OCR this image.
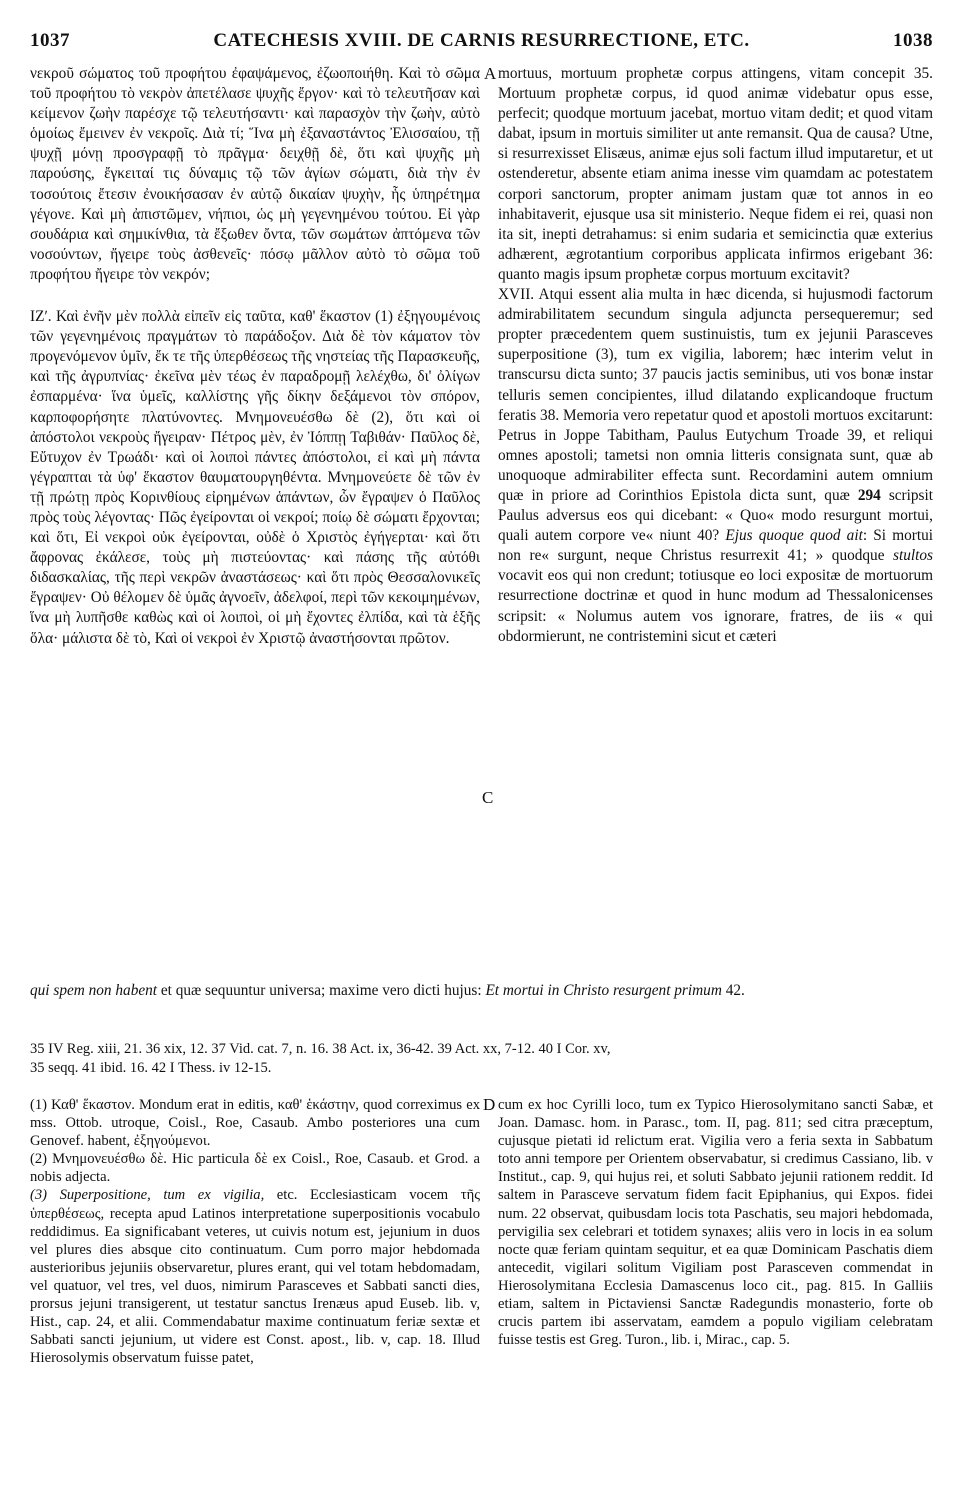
1037	CATECHESIS XVIII. DE CARNIS RESURRECTIONE, ETC.	1038

νεκροῦ σώματος τοῦ προφήτου ἐφαψάμενος, ἐζωοποιήθη. Καὶ τὸ σῶμα τοῦ προφήτου τὸ νεκρὸν ἀπετέλασε ψυχῆς ἔργον· καὶ τὸ τελευτῆσαν καὶ κείμενον ζωὴν παρέσχε τῷ τελευτήσαντι· καὶ παρασχὸν τὴν ζωὴν, αὐτὸ ὁμοίως ἔμεινεν ἐν νεκροῖς. Διὰ τί; Ἵνα μὴ ἐξαναστάντος Ἐλισσαίου, τῇ ψυχῇ μόνῃ προσγραφῇ τὸ πρᾶγμα· δειχθῇ δὲ, ὅτι καὶ ψυχῆς μὴ παρούσης, ἔγκειταί τις δύναμις τῷ τῶν ἁγίων σώματι, διὰ τὴν ἐν τοσούτοις ἔτεσιν ἐνοικήσασαν ἐν αὐτῷ δικαίαν ψυχὴν, ἧς ὑπηρέτημα γέγονε. Καὶ μὴ ἀπιστῶμεν, νήπιοι, ὡς μὴ γεγενημένου τούτου. Εἰ γὰρ σουδάρια καὶ σημικίνθια, τὰ ἔξωθεν ὄντα, τῶν σωμάτων ἀπτόμενα τῶν νοσούντων, ἤγειρε τοὺς ἀσθενεῖς· πόσῳ μᾶλλον αὐτὸ τὸ σῶμα τοῦ προφήτου ἤγειρε τὸν νεκρόν;

ΙΖʹ. Καὶ ἐνῆν μὲν πολλὰ εἰπεῖν εἰς ταῦτα, καθ' ἕκαστον (1) ἐξηγουμένοις τῶν γεγενημένοις πραγμάτων τὸ παράδοξον. Διὰ δὲ τὸν κάματον τὸν προγενόμενον ὑμῖν, ἔκ τε τῆς ὑπερθέσεως τῆς νηστείας τῆς Παρασκευῆς, καὶ τῆς ἀγρυπνίας· ἐκεῖνα μὲν τέως ἐν παραδρομῇ λελέχθω, δι' ὀλίγων ἐσπαρμένα· ἵνα ὑμεῖς, καλλίστης γῆς δίκην δεξάμενοι τὸν σπόρον, καρποφορήσητε πλατύνοντες. Μνημονευέσθω δὲ (2), ὅτι καὶ οἱ ἀπόστολοι νεκροὺς ἤγειραν· Πέτρος μὲν, ἐν Ἰόππῃ Ταβιθάν· Παῦλος δὲ, Εὔτυχον ἐν Τρωάδι· καὶ οἱ λοιποὶ πάντες ἀπόστολοι, εἰ καὶ μὴ πάντα γέγραπται τὰ ὑφ' ἕκαστον θαυματουργηθέντα. Μνημονεύετε δὲ τῶν ἐν τῇ πρώτῃ πρὸς Κορινθίους εἰρημένων ἁπάντων, ὧν ἔγραψεν ὁ Παῦλος πρὸς τοὺς λέγοντας· Πῶς ἐγείρονται οἱ νεκροί; ποίῳ δὲ σώματι ἔρχονται; καὶ ὅτι, Εἰ νεκροὶ οὐκ ἐγείρονται, οὐδὲ ὁ Χριστὸς ἐγήγερται· καὶ ὅτι ἄφρονας ἐκάλεσε, τοὺς μὴ πιστεύοντας· καὶ πάσης τῆς αὐτόθι διδασκαλίας, τῆς περὶ νεκρῶν ἀναστάσεως· καὶ ὅτι πρὸς Θεσσαλονικεῖς ἔγραψεν· Οὐ θέλομεν δὲ ὑμᾶς ἀγνοεῖν, ἀδελφοί, περὶ τῶν κεκοιμημένων, ἵνα μὴ λυπῆσθε καθὼς καὶ οἱ λοιποὶ, οἱ μὴ ἔχοντες ἐλπίδα, καὶ τὰ ἑξῆς ὅλα· μάλιστα δὲ τὸ, Καὶ οἱ νεκροὶ ἐν Χριστῷ ἀναστήσονται πρῶτον.

A
C
D

mortuus, mortuum prophetæ corpus attingens, vitam concepit 35. Mortuum prophetæ corpus, id quod animæ videbatur opus esse, perfecit; quodque mortuum jacebat, mortuo vitam dedit; et quod vitam dabat, ipsum in mortuis similiter ut ante remansit. Qua de causa? Utne, si resurrexisset Elisæus, animæ ejus soli factum illud imputaretur, et ut ostenderetur, absente etiam anima inesse vim quamdam ac potestatem corpori sanctorum, propter animam justam quæ tot annos in eo inhabitaverit, ejusque usa sit ministerio. Neque fidem ei rei, quasi non ita sit, inepti detrahamus: si enim sudaria et semicinctia quæ exterius adhærent, ægrotantium corporibus applicata infirmos erigebant 36: quanto magis ipsum prophetæ corpus mortuum excitavit?

XVII. Atqui essent alia multa in hæc dicenda, si hujusmodi factorum admirabilitatem secundum singula adjuncta persequeremur; sed propter præcedentem quem sustinuistis, tum ex jejunii Parasceves superpositione (3), tum ex vigilia, laborem; hæc interim velut in transcursu dicta sunto; 37 paucis jactis seminibus, uti vos bonæ instar telluris semen concipientes, illud dilatando explicandoque fructum feratis 38. Memoria vero repetatur quod et apostoli mortuos excitarunt: Petrus in Joppe Tabitham, Paulus Eutychum Troade 39, et reliqui omnes apostoli; tametsi non omnia litteris consignata sunt, quæ ab unoquoque admirabiliter effecta sunt. Recordamini autem omnium quæ in priore ad Corinthios Epistola dicta sunt, quæ 294 scripsit Paulus adversus eos qui dicebant: « Quo« modo resurgunt mortui, quali autem corpore ve« niunt 40? Ejus quoque quod ait: Si mortui non re« surgunt, neque Christus resurrexit 41; » quodque stultos vocavit eos qui non credunt; totiusque eo loci expositæ de mortuorum resurrectione doctrinæ et quod in hunc modum ad Thessalonicenses scripsit: « Nolumus autem vos ignorare, fratres, de iis « qui obdormierunt, ne contristemini sicut et cæteri

qui spem non habent et quæ sequuntur universa; maxime vero dicti hujus: Et mortui in Christo resurgent primum 42.

35 IV Reg. xiii, 21. 36 xix, 12. 37 Vid. cat. 7, n. 16. 38 Act. ix, 36-42. 39 Act. xx, 7-12. 40 I Cor. xv,

35 seqq. 41 ibid. 16. 42 I Thess. iv 12-15.

(1) Καθ' ἕκαστον. Mondum erat in editis, καθ' ἑκάστην, quod correximus ex mss. Ottob. utroque, Coisl., Roe, Casaub. Ambo posteriores una cum Genovef. habent, ἐξηγούμενοι.

(2) Μνημονευέσθω δὲ. Hic particula δὲ ex Coisl., Roe, Casaub. et Grod. a nobis adjecta.

(3) Superpositione, tum ex vigilia, etc. Ecclesiasticam vocem τῆς ὑπερθέσεως, recepta apud Latinos interpretatione superpositionis vocabulo reddidimus. Ea significabant veteres, ut cuivis notum est, jejunium in duos vel plures dies absque cito continuatum. Cum porro major hebdomada austerioribus jejuniis observaretur, plures erant, qui vel totam hebdomadam, vel quatuor, vel tres, vel duos, nimirum Parasceves et Sabbati sancti dies, prorsus jejuni transigerent, ut testatur sanctus Irenæus apud Euseb. lib. v, Hist., cap. 24, et alii. Commendabatur maxime continuatum feriæ sextæ et Sabbati sancti jejunium, ut videre est Const. apost., lib. v, cap. 18. Illud Hierosolymis observatum fuisse patet,

cum ex hoc Cyrilli loco, tum ex Typico Hierosolymitano sancti Sabæ, et Joan. Damasc. hom. in Parasc., tom. II, pag. 811; sed citra præceptum, cujusque pietati id relictum erat. Vigilia vero a feria sexta in Sabbatum toto anni tempore per Orientem observabatur, si credimus Cassiano, lib. v Institut., cap. 9, qui hujus rei, et soluti Sabbato jejunii rationem reddit. Id saltem in Parasceve servatum fidem facit Epiphanius, qui Expos. fidei num. 22 observat, quibusdam locis tota Paschatis, seu majori hebdomada, pervigilia sex celebrari et totidem synaxes; aliis vero in locis in ea solum nocte quæ feriam quintam sequitur, et ea quæ Dominicam Paschatis diem antecedit, vigilari solitum Vigiliam post Parasceven commendat in Hierosolymitana Ecclesia Damascenus loco cit., pag. 815. In Galliis etiam, saltem in Pictaviensi Sanctæ Radegundis monasterio, forte ob crucis partem ibi asservatam, eamdem a populo vigiliam celebratam fuisse testis est Greg. Turon., lib. i, Mirac., cap. 5.
